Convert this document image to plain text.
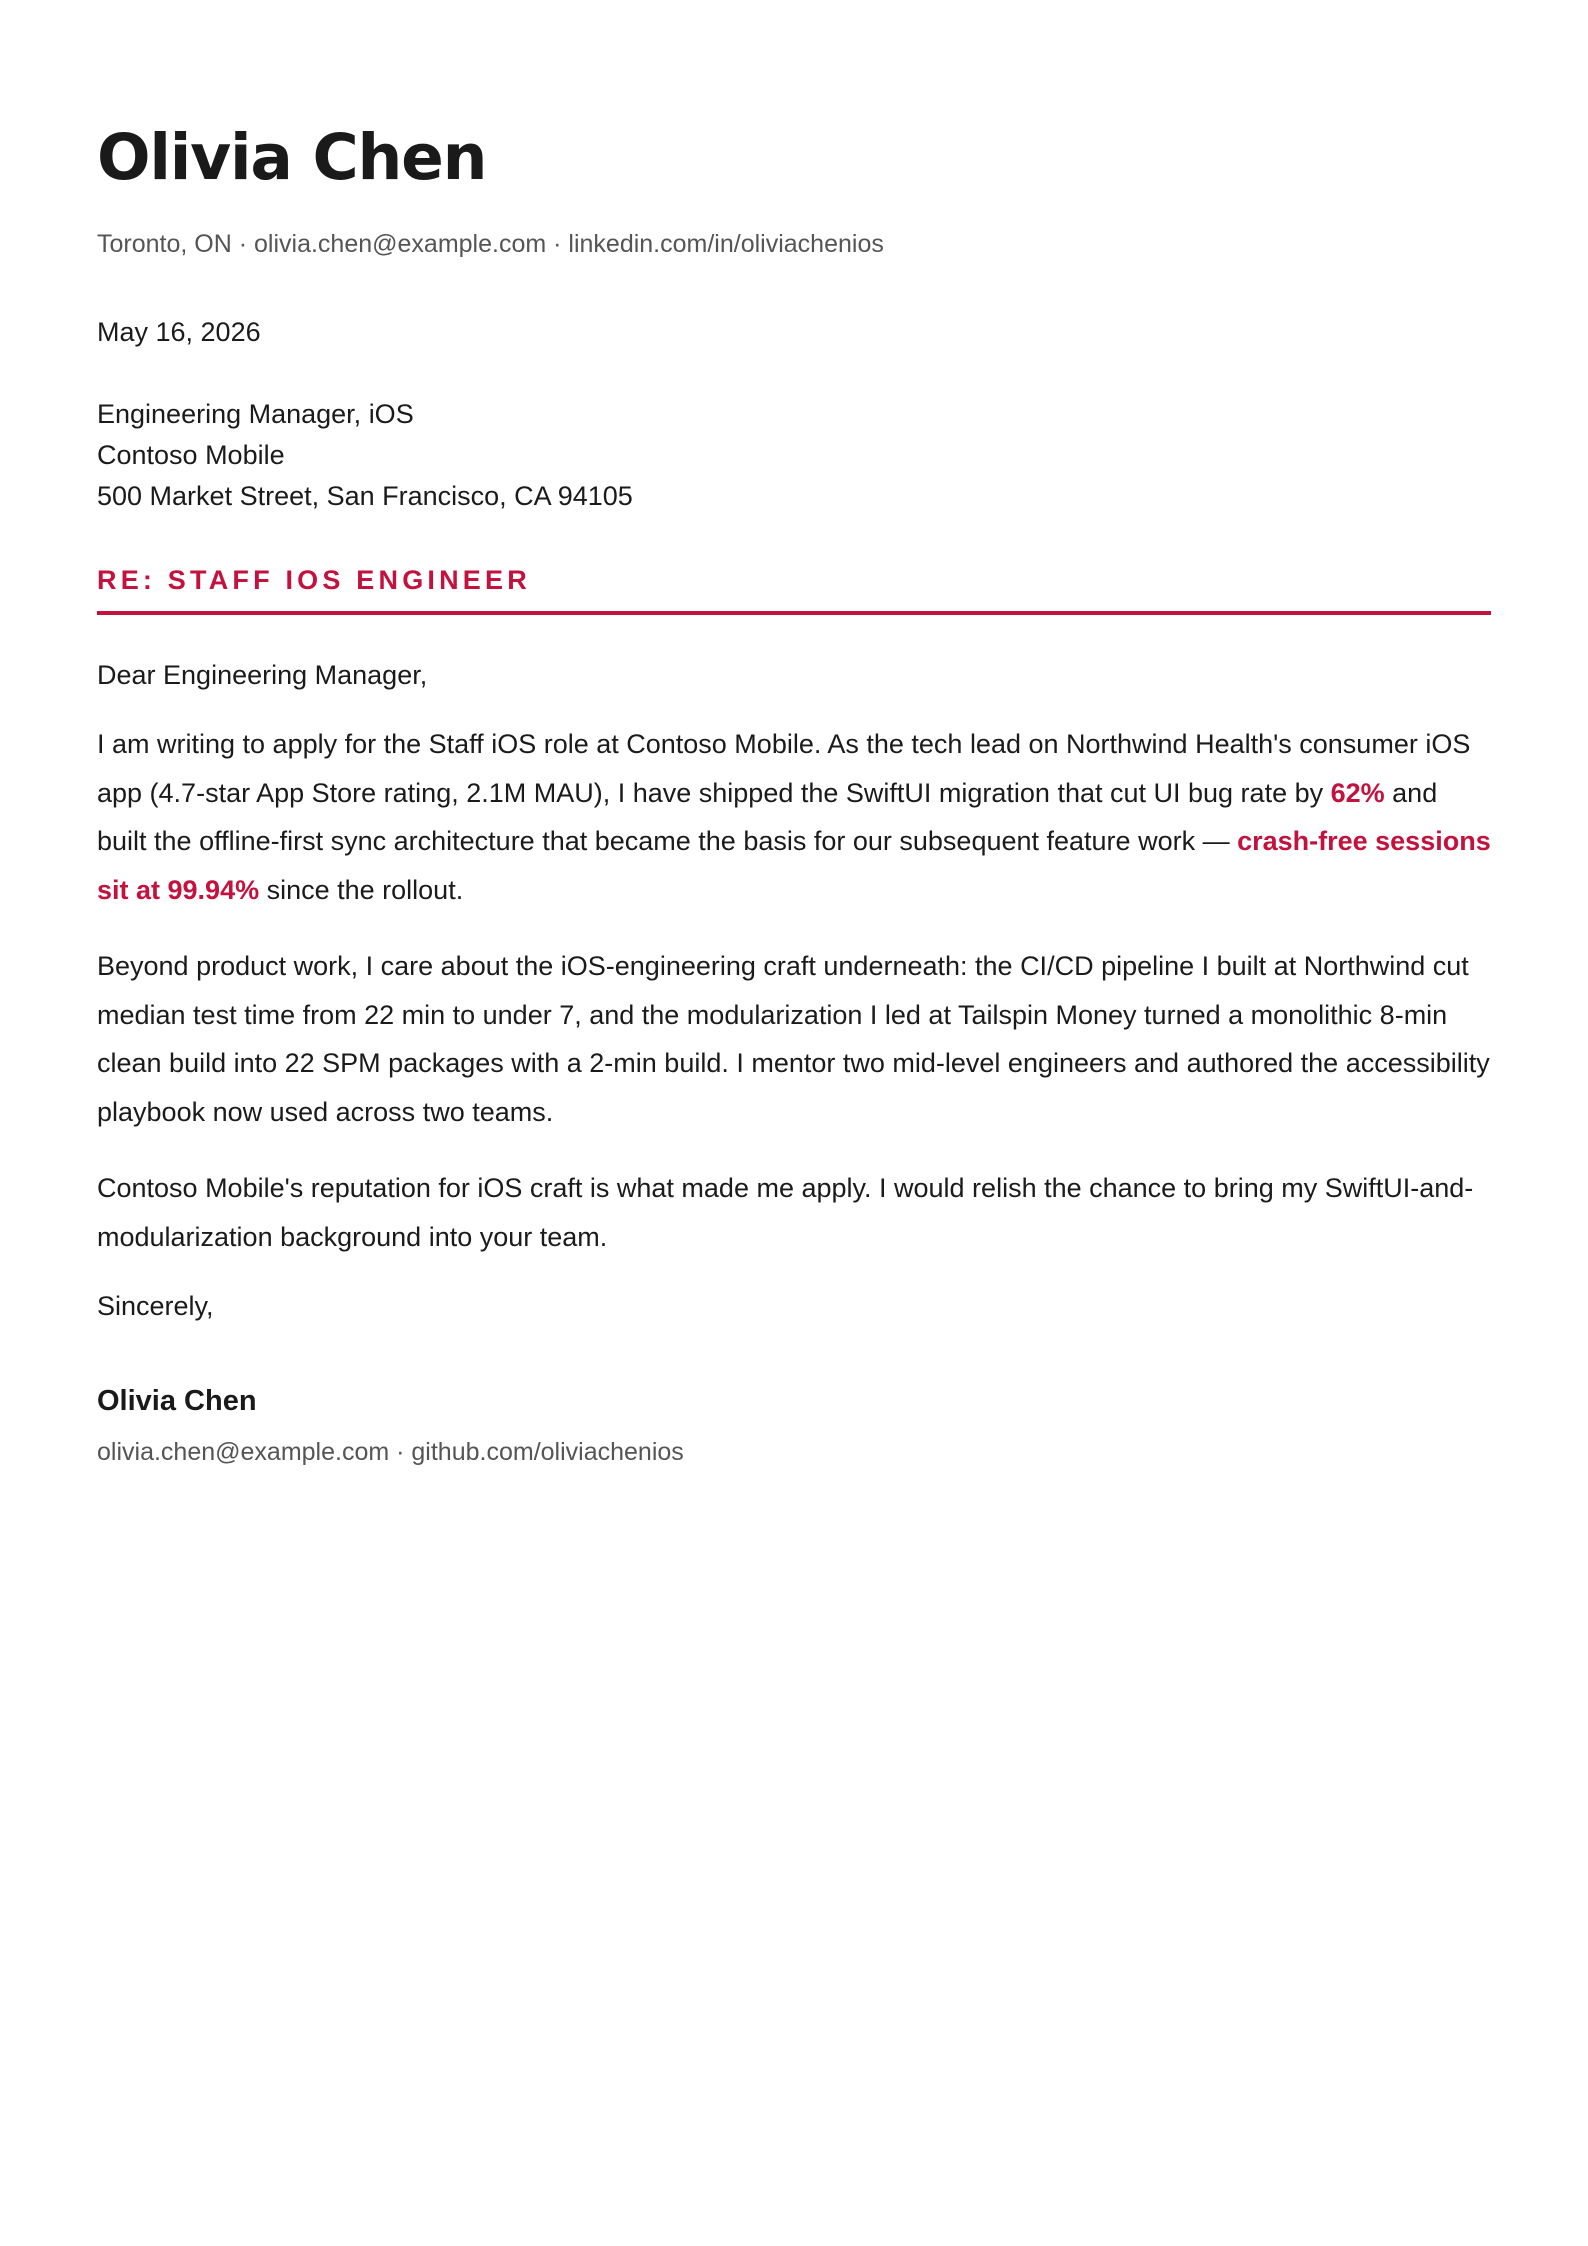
Olivia Chen
Toronto, ON · olivia.chen@example.com · linkedin.com/in/oliviachenios
May 16, 2026
Engineering Manager, iOS
Contoso Mobile
500 Market Street, San Francisco, CA 94105
RE: STAFF IOS ENGINEER
Dear Engineering Manager,
I am writing to apply for the Staff iOS role at Contoso Mobile. As the tech lead on Northwind Health's consumer iOS app (4.7-star App Store rating, 2.1M MAU), I have shipped the SwiftUI migration that cut UI bug rate by 62% and built the offline-first sync architecture that became the basis for our subsequent feature work — crash-free sessions sit at 99.94% since the rollout.
Beyond product work, I care about the iOS-engineering craft underneath: the CI/CD pipeline I built at Northwind cut median test time from 22 min to under 7, and the modularization I led at Tailspin Money turned a monolithic 8-min clean build into 22 SPM packages with a 2-min build. I mentor two mid-level engineers and authored the accessibility playbook now used across two teams.
Contoso Mobile's reputation for iOS craft is what made me apply. I would relish the chance to bring my SwiftUI-and-modularization background into your team.
Sincerely,
Olivia Chen
olivia.chen@example.com · github.com/oliviachenios
